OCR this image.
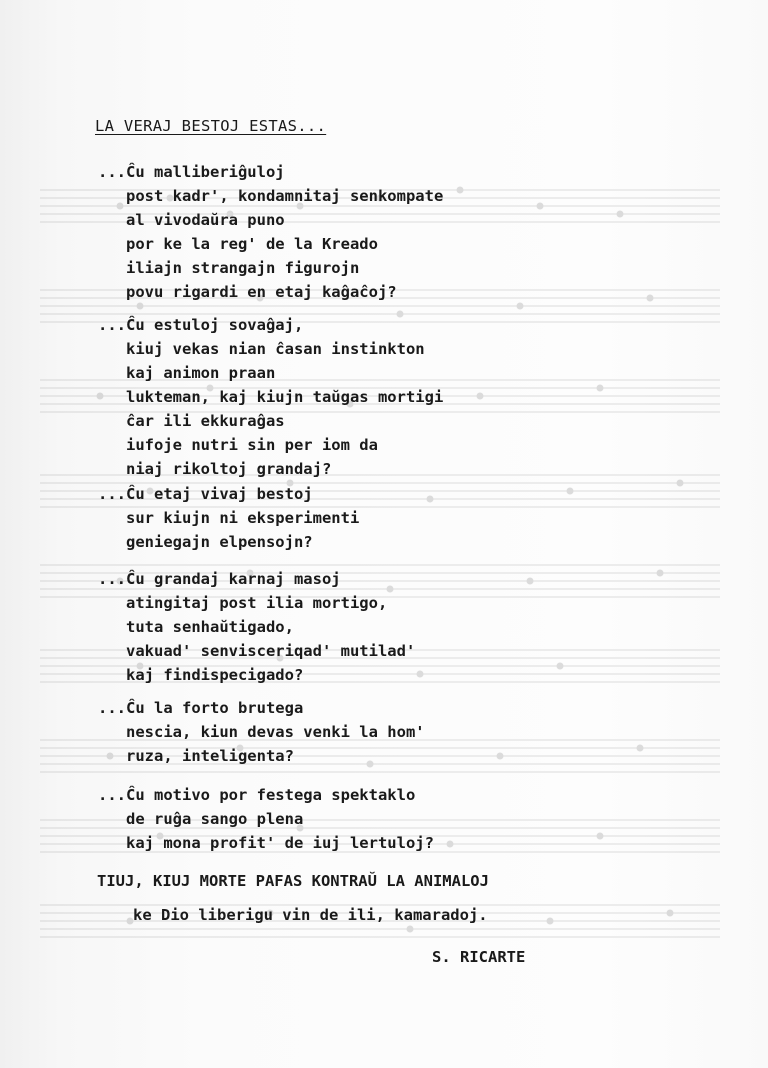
LA VERAJ BESTOJ ESTAS...
...Ĉu malliberiĝuloj
post kadr', kondamnitaj senkompate
al vivodaŭra puno
por ke la reg' de la Kreado
iliajn strangajn figurojn
povu rigardi en etaj kaĝaĉoj?
...Ĉu estuloj sovaĝaj,
kiuj vekas nian ĉasan instinkton
kaj animon praan
lukteman, kaj kiujn taŭgas mortigi
ĉar ili ekkuraĝas
iufoje nutri sin per iom da
niaj rikoltoj grandaj?
...Ĉu etaj vivaj bestoj
sur kiujn ni eksperimenti
geniegajn elpensojn?
...Ĉu grandaj karnaj masoj
atingitaj post ilia mortigo,
tuta senhaŭtigado,
vakuad' senvisceriqad' mutilad'
kaj findispecigado?
...Ĉu la forto brutega
nescia, kiun devas venki la hom'
ruza, inteligenta?
...Ĉu motivo por festega spektaklo
de ruĝa sango plena
kaj mona profit' de iuj lertuloj?
TIUJ, KIUJ MORTE PAFAS KONTRAŬ LA ANIMALOJ
ke Dio liberigu vin de ili, kamaradoj.
S. RICARTE
